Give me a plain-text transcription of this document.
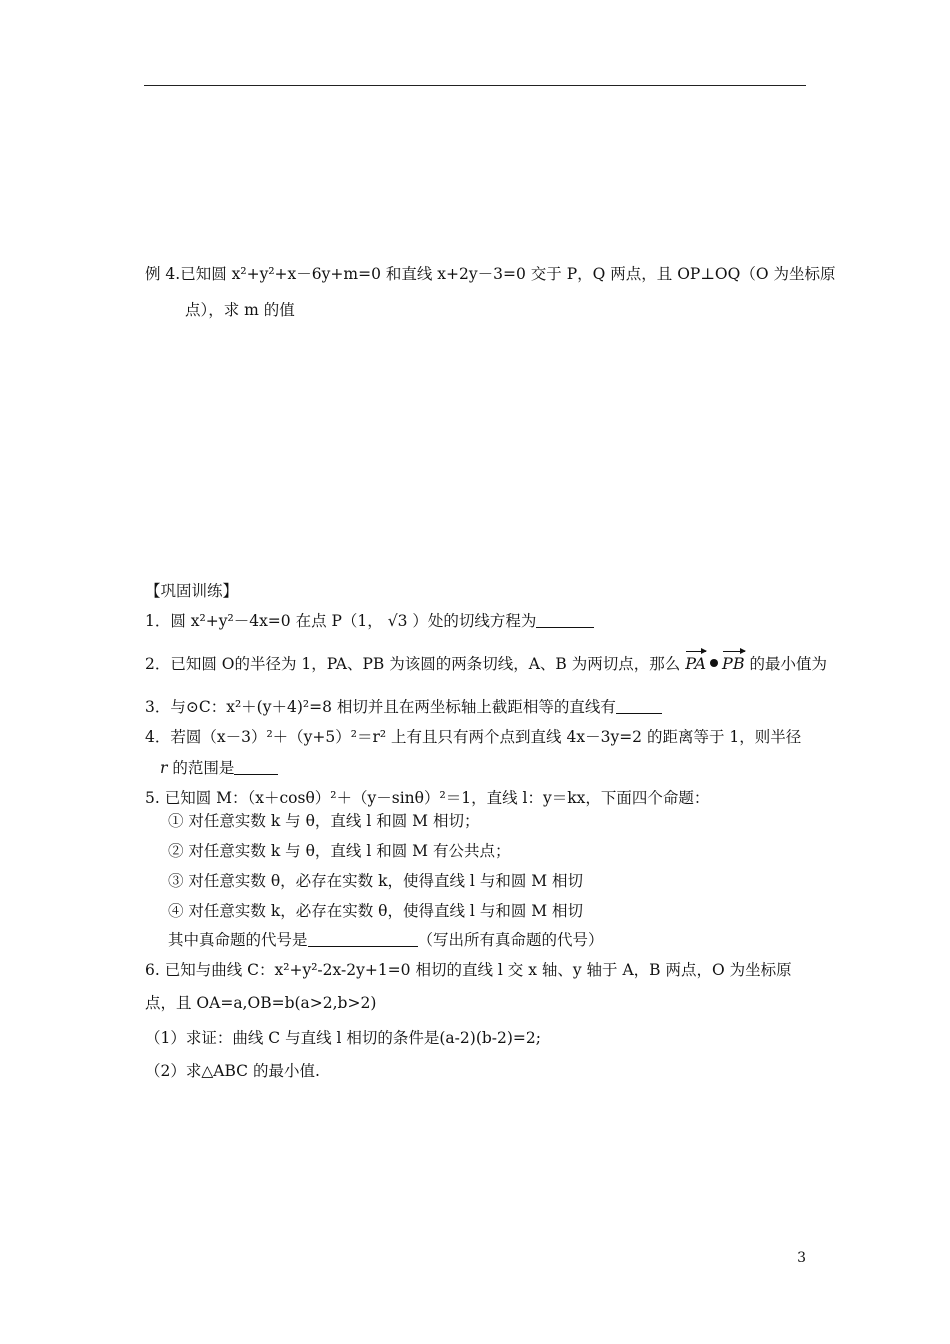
例 4.已知圆 x²+y²+x－6y+m=0 和直线 x+2y－3=0 交于 P，Q 两点，且 OP⊥OQ（O 为坐标原
点），求 m 的值
【巩固训练】
1．圆 x²+y²－4x=0 在点 P（1， √3 ）处的切线方程为
2．已知圆 O的半径为 1，PA、PB 为该圆的两条切线，A、B 为两切点，那么 PA PB 的最小值为
3．与⊙C：x²＋(y＋4)²=8 相切并且在两坐标轴上截距相等的直线有
4．若圆（x－3）²＋（y+5）²＝r² 上有且只有两个点到直线 4x－3y=2 的距离等于 1，则半径
r 的范围是
5. 已知圆 M：（x＋cosθ）²＋（y－sinθ）²＝1，直线 l：y＝kx，下面四个命题：
① 对任意实数 k 与 θ，直线 l 和圆 M 相切；
② 对任意实数 k 与 θ，直线 l 和圆 M 有公共点；
③ 对任意实数 θ，必存在实数 k，使得直线 l 与和圆 M 相切
④ 对任意实数 k，必存在实数 θ，使得直线 l 与和圆 M 相切
其中真命题的代号是	（写出所有真命题的代号）
6. 已知与曲线 C：x²+y²-2x-2y+1=0 相切的直线 l 交 x 轴、y 轴于 A，B 两点，O 为坐标原
点，且 OA=a,OB=b(a>2,b>2)
（1）求证：曲线 C 与直线 l 相切的条件是(a-2)(b-2)=2;
（2）求△ABC 的最小值.
3
